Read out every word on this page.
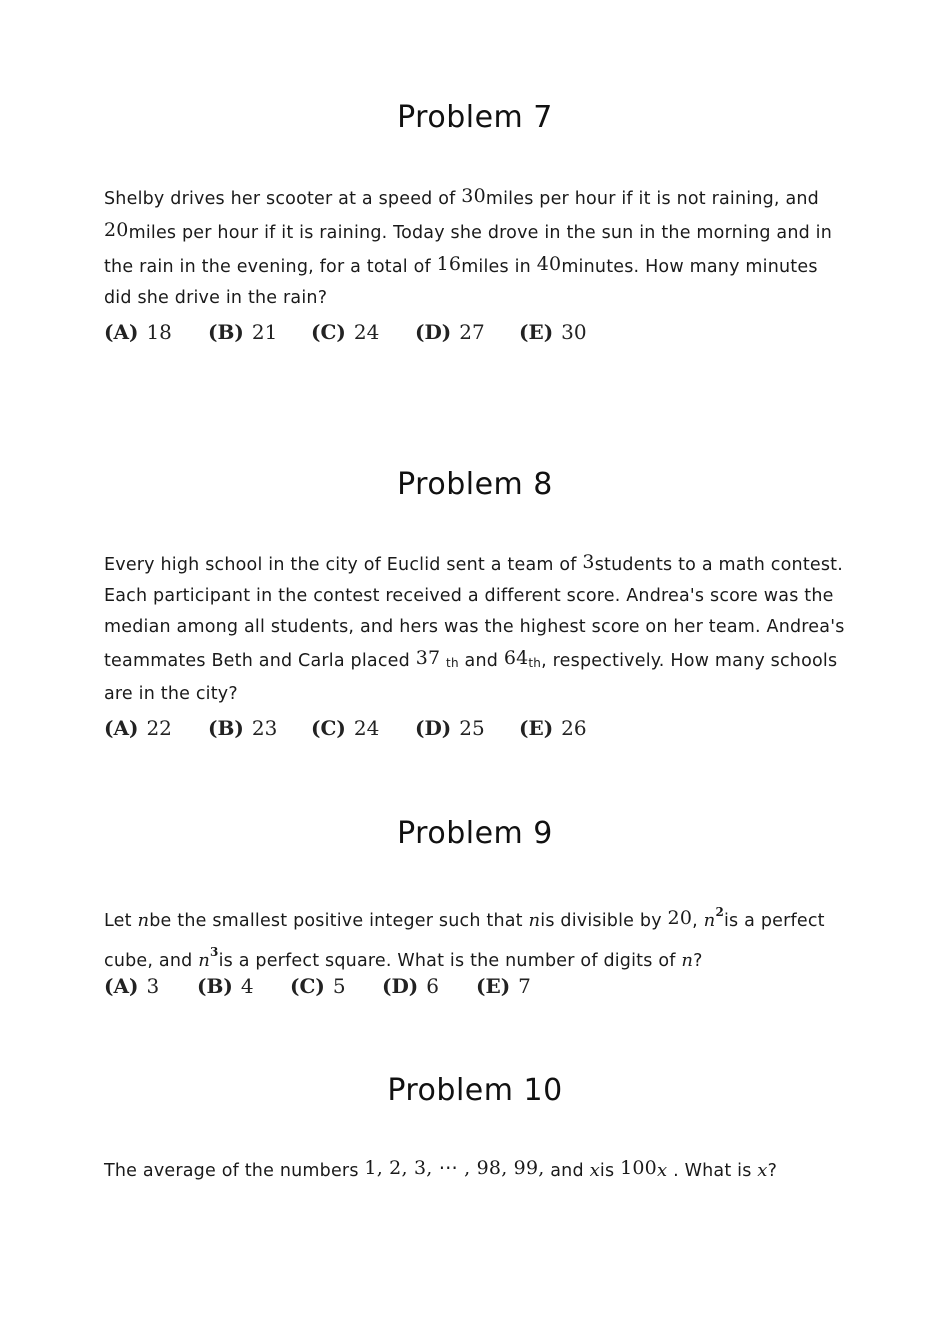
Problem 7
Shelby drives her scooter at a speed of 30miles per hour if it is not raining, and 20miles per hour if it is raining. Today she drove in the sun in the morning and in the rain in the evening, for a total of 16miles in 40minutes. How many minutes did she drive in the rain?
(A) 18 (B) 21 (C) 24 (D) 27 (E) 30
Problem 8
Every high school in the city of Euclid sent a team of 3students to a math contest. Each participant in the contest received a different score. Andrea's score was the median among all students, and hers was the highest score on her team. Andrea's teammates Beth and Carla placed 37 th and 64th, respectively. How many schools are in the city?
(A) 22 (B) 23 (C) 24 (D) 25 (E) 26
Problem 9
Let nbe the smallest positive integer such that nis divisible by 20, $n^2is$ a perfect cube, and $n^3is$ a perfect square. What is the number of digits of n?
(A) 3 (B) 4 (C) 5 (D) 6 (E) 7
Problem 10
The average of the numbers 1, 2, 3, ⋯ , 98, 99, and xis 100x . What is x?
